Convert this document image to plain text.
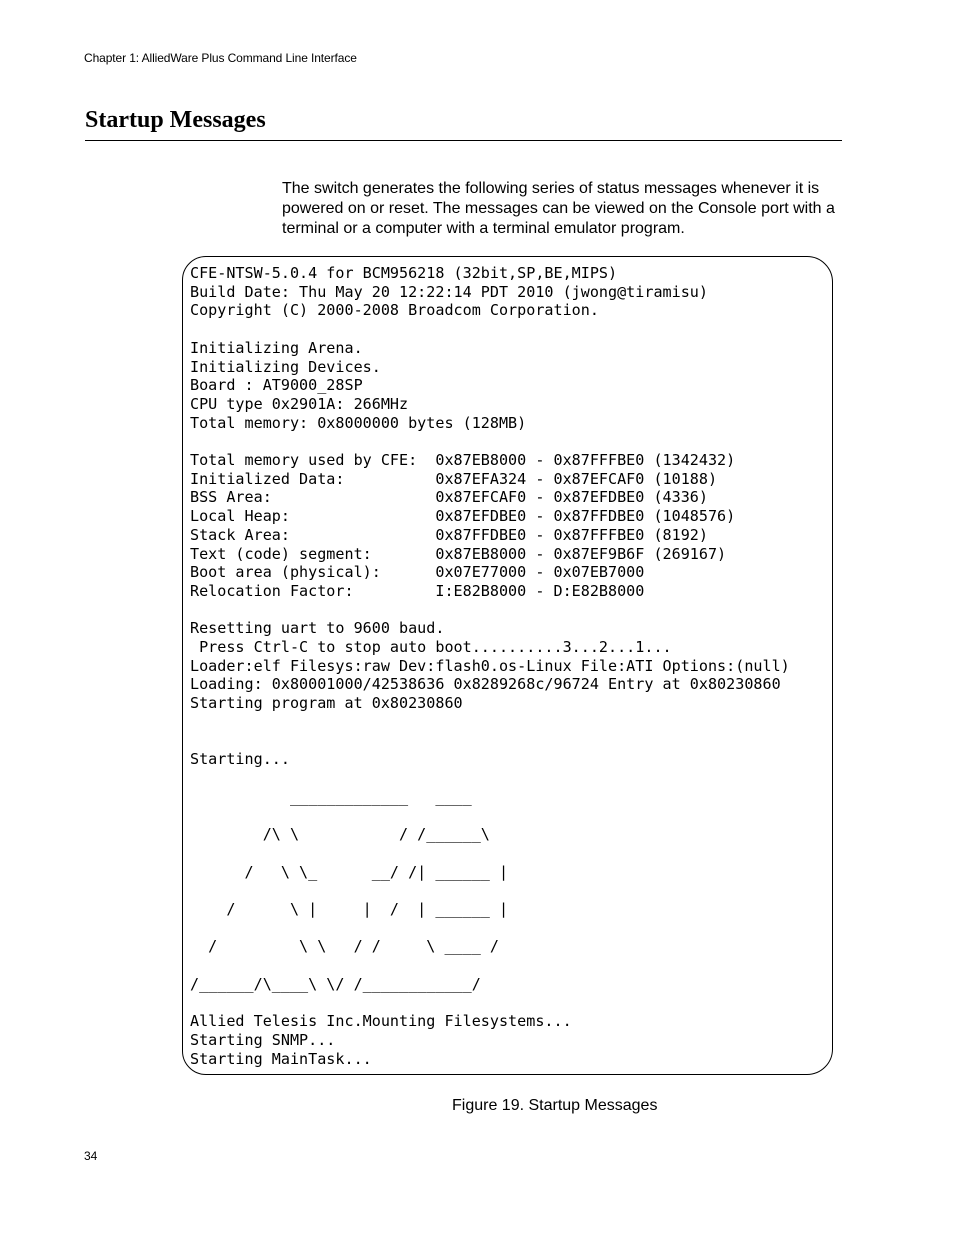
Chapter 1: AlliedWare Plus Command Line Interface
Startup Messages

The switch generates the following series of status messages whenever it is powered on or reset. The messages can be viewed on the Console port with a terminal or a computer with a terminal emulator program.

CFE-NTSW-5.0.4 for BCM956218 (32bit,SP,BE,MIPS)
Build Date: Thu May 20 12:22:14 PDT 2010 (jwong@tiramisu)
Copyright (C) 2000-2008 Broadcom Corporation.

Initializing Arena.
Initializing Devices.
Board : AT9000_28SP
CPU type 0x2901A: 266MHz
Total memory: 0x8000000 bytes (128MB)

Total memory used by CFE:  0x87EB8000 - 0x87FFFBE0 (1342432)
Initialized Data:          0x87EFA324 - 0x87EFCAF0 (10188)
BSS Area:                  0x87EFCAF0 - 0x87EFDBE0 (4336)
Local Heap:                0x87EFDBE0 - 0x87FFDBE0 (1048576)
Stack Area:                0x87FFDBE0 - 0x87FFFBE0 (8192)
Text (code) segment:       0x87EB8000 - 0x87EF9B6F (269167)
Boot area (physical):      0x07E77000 - 0x07EB7000
Relocation Factor:         I:E82B8000 - D:E82B8000

Resetting uart to 9600 baud.
Press Ctrl-C to stop auto boot..........3...2...1...
Loader:elf Filesys:raw Dev:flash0.os-Linux File:ATI Options:(null)
Loading: 0x80001000/42538636 0x8289268c/96724 Entry at 0x80230860
Starting program at 0x80230860

Starting...

_____________   ____

/\ \           / /______\

/   \ \_      __/ /| ______ |

/      \ |     |  /  | ______ |

/         \ \   / /     \ ____ /

/______/\____\ \/ /____________/

Allied Telesis Inc.Mounting Filesystems...
Starting SNMP...
Starting MainTask...
Figure 19. Startup Messages
34
